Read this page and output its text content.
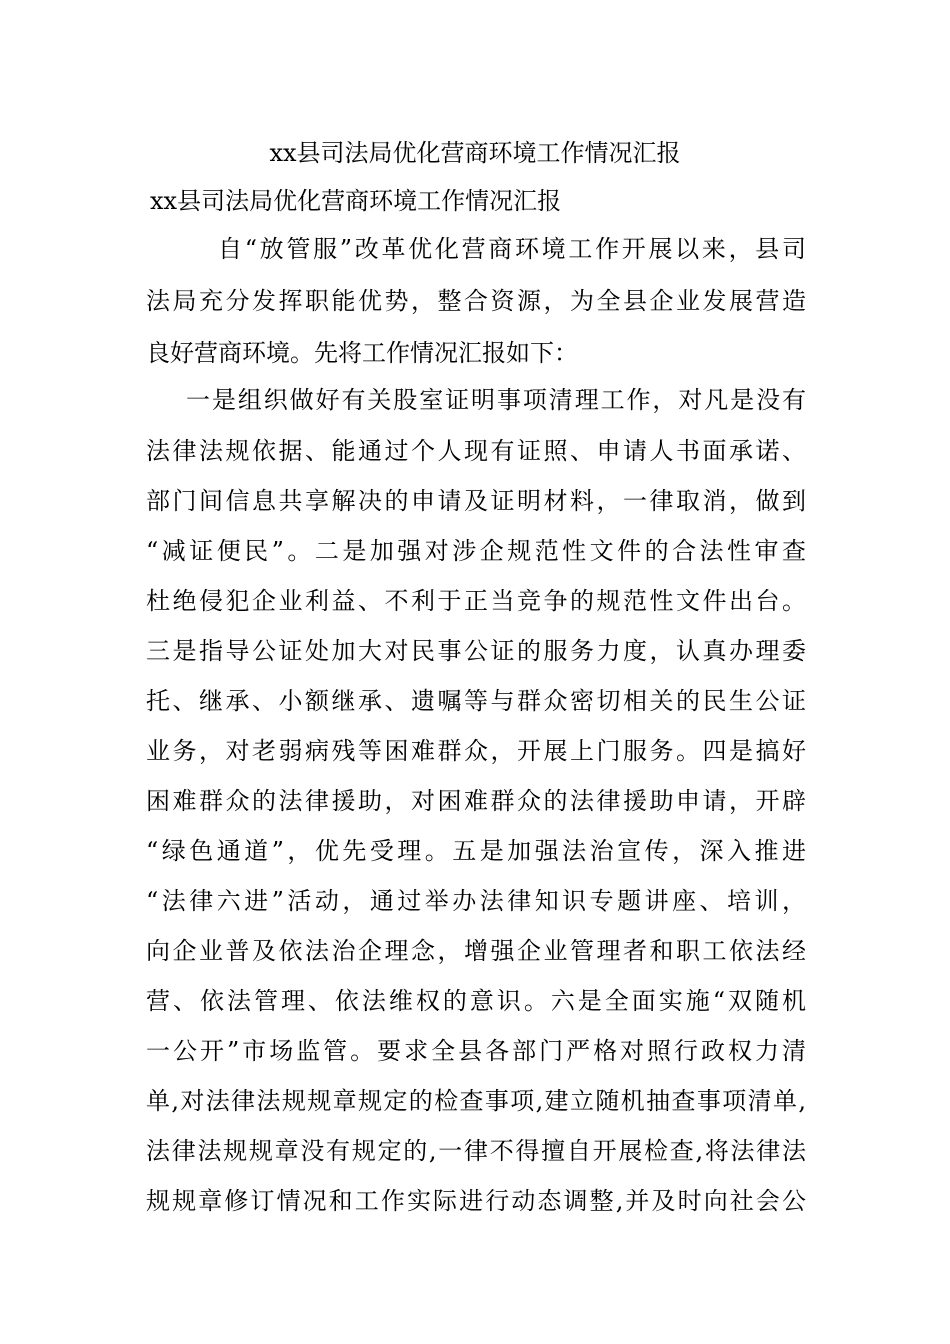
xx县司法局优化营商环境工作情况汇报
xx县司法局优化营商环境工作情况汇报
自“放管服”改革优化营商环境工作开展以来，县司
法局充分发挥职能优势，整合资源，为全县企业发展营造
良好营商环境。先将工作情况汇报如下：
一是组织做好有关股室证明事项清理工作，对凡是没有
法律法规依据、能通过个人现有证照、申请人书面承诺、
部门间信息共享解决的申请及证明材料，一律取消，做到
“减证便民”。二是加强对涉企规范性文件的合法性审查
杜绝侵犯企业利益、不利于正当竞争的规范性文件出台。
三是指导公证处加大对民事公证的服务力度，认真办理委
托、继承、小额继承、遗嘱等与群众密切相关的民生公证
业务，对老弱病残等困难群众，开展上门服务。四是搞好
困难群众的法律援助，对困难群众的法律援助申请，开辟
“绿色通道”，优先受理。五是加强法治宣传，深入推进
“法律六进”活动，通过举办法律知识专题讲座、培训，
向企业普及依法治企理念，增强企业管理者和职工依法经
营、依法管理、依法维权的意识。六是全面实施“双随机
一公开”市场监管。要求全县各部门严格对照行政权力清
单,对法律法规规章规定的检查事项,建立随机抽查事项清单,
法律法规规章没有规定的,一律不得擅自开展检查,将法律法
规规章修订情况和工作实际进行动态调整,并及时向社会公
